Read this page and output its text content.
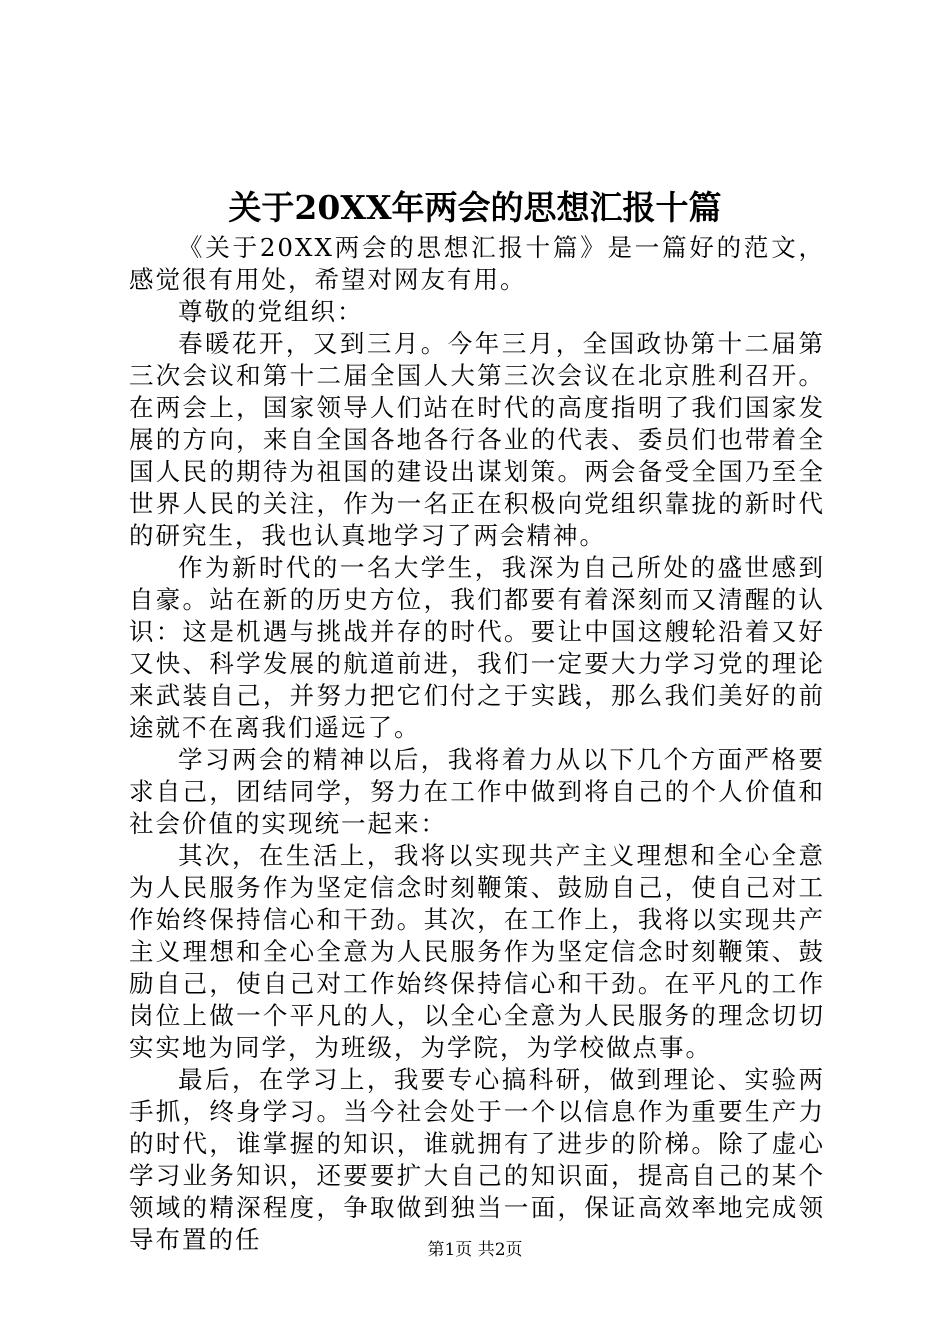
关于20XX年两会的思想汇报十篇

《关于20XX两会的思想汇报十篇》是一篇好的范文，感觉很有用处，希望对网友有用。

尊敬的党组织：

春暖花开，又到三月。今年三月，全国政协第十二届第三次会议和第十二届全国人大第三次会议在北京胜利召开。在两会上，国家领导人们站在时代的高度指明了我们国家发展的方向，来自全国各地各行各业的代表、委员们也带着全国人民的期待为祖国的建设出谋划策。两会备受全国乃至全世界人民的关注，作为一名正在积极向党组织靠拢的新时代的研究生，我也认真地学习了两会精神。

作为新时代的一名大学生，我深为自己所处的盛世感到自豪。站在新的历史方位，我们都要有着深刻而又清醒的认识：这是机遇与挑战并存的时代。要让中国这艘轮沿着又好又快、科学发展的航道前进，我们一定要大力学习党的理论来武装自己，并努力把它们付之于实践，那么我们美好的前途就不在离我们遥远了。

学习两会的精神以后，我将着力从以下几个方面严格要求自己，团结同学，努力在工作中做到将自己的个人价值和社会价值的实现统一起来：

其次，在生活上，我将以实现共产主义理想和全心全意为人民服务作为坚定信念时刻鞭策、鼓励自己，使自己对工作始终保持信心和干劲。其次，在工作上，我将以实现共产主义理想和全心全意为人民服务作为坚定信念时刻鞭策、鼓励自己，使自己对工作始终保持信心和干劲。在平凡的工作岗位上做一个平凡的人，以全心全意为人民服务的理念切切实实地为同学，为班级，为学院，为学校做点事。

最后，在学习上，我要专心搞科研，做到理论、实验两手抓，终身学习。当今社会处于一个以信息作为重要生产力的时代，谁掌握的知识，谁就拥有了进步的阶梯。除了虚心学习业务知识，还要要扩大自己的知识面，提高自己的某个领域的精深程度，争取做到独当一面，保证高效率地完成领导布置的任	第1页 共2页
